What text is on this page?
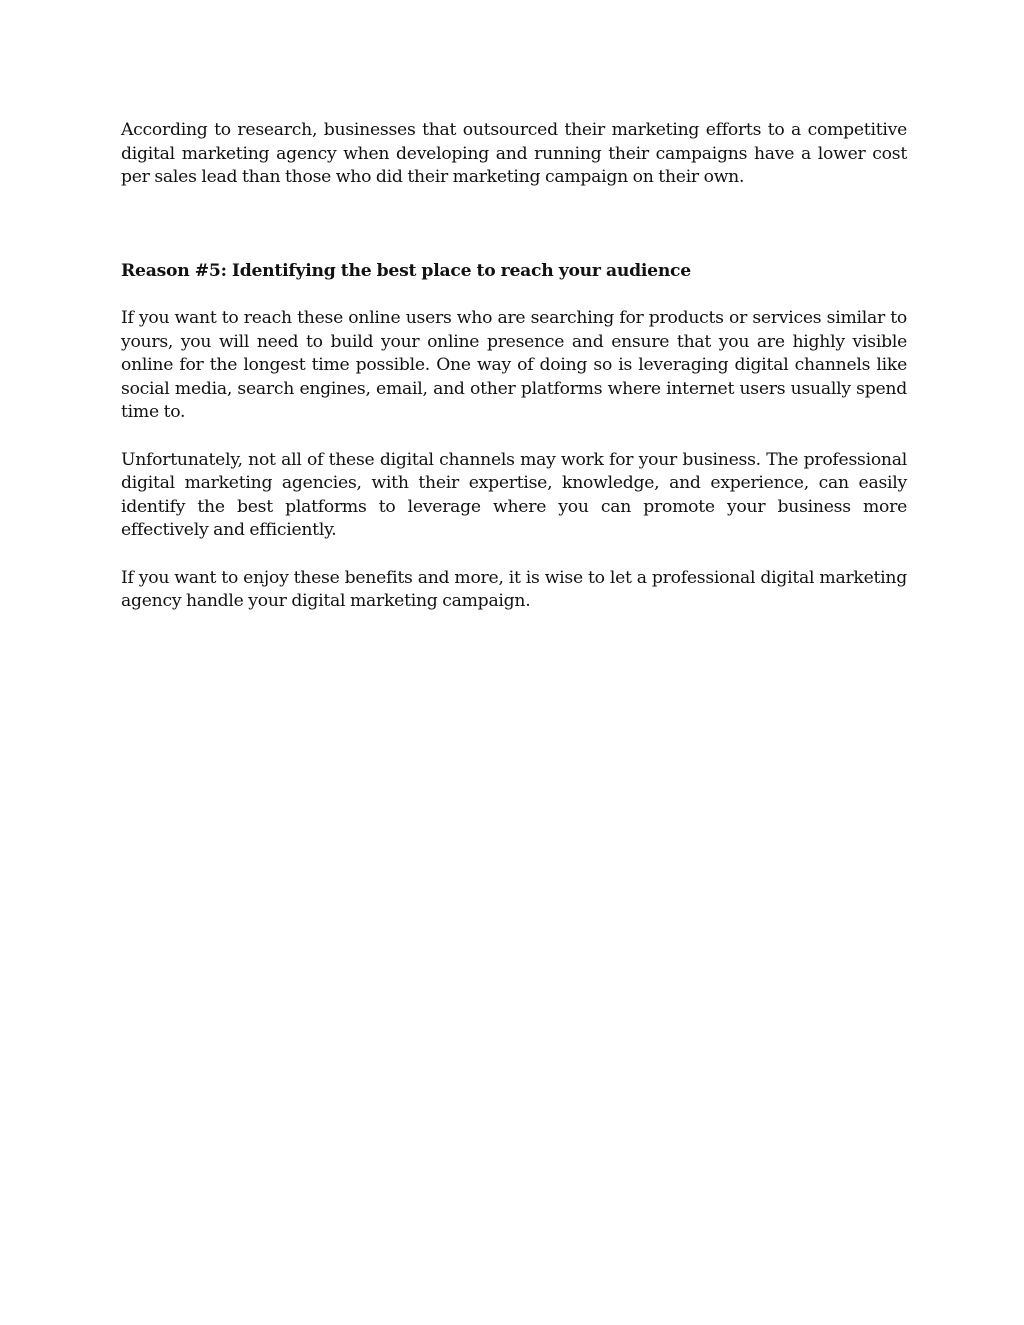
According to research, businesses that outsourced their marketing efforts to a competitive digital marketing agency when developing and running their campaigns have a lower cost per sales lead than those who did their marketing campaign on their own.

Reason #5: Identifying the best place to reach your audience

If you want to reach these online users who are searching for products or services similar to yours, you will need to build your online presence and ensure that you are highly visible online for the longest time possible. One way of doing so is leveraging digital channels like social media, search engines, email, and other platforms where internet users usually spend time to.

Unfortunately, not all of these digital channels may work for your business. The professional digital marketing agencies, with their expertise, knowledge, and experience, can easily identify the best platforms to leverage where you can promote your business more effectively and efficiently.

If you want to enjoy these benefits and more, it is wise to let a professional digital marketing agency handle your digital marketing campaign.
